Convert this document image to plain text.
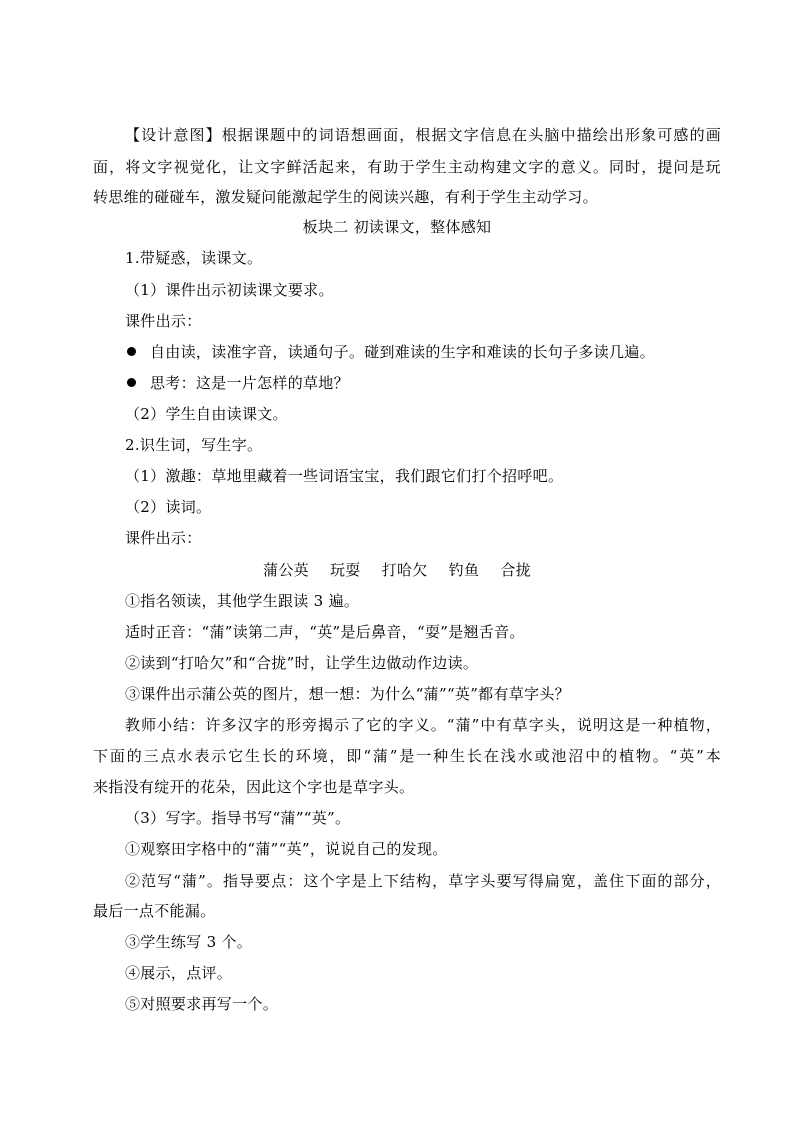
【设计意图】根据课题中的词语想画面，根据文字信息在头脑中描绘出形象可感的画
面，将文字视觉化，让文字鲜活起来，有助于学生主动构建文字的意义。同时，提问是玩
转思维的碰碰车，激发疑问能激起学生的阅读兴趣，有利于学生主动学习。
板块二 初读课文，整体感知
1.带疑惑，读课文。
（1）课件出示初读课文要求。
课件出示：
自由读，读准字音，读通句子。碰到难读的生字和难读的长句子多读几遍。
思考：这是一片怎样的草地？
（2）学生自由读课文。
2.识生词，写生字。
（1）激趣：草地里藏着一些词语宝宝，我们跟它们打个招呼吧。
（2）读词。
课件出示：
蒲公英 玩耍 打哈欠 钓鱼 合拢
①指名领读，其他学生跟读 3 遍。
适时正音：“蒲”读第二声，“英”是后鼻音，“耍”是翘舌音。
②读到“打哈欠”和“合拢”时，让学生边做动作边读。
③课件出示蒲公英的图片，想一想：为什么“蒲”“英”都有草字头？
教师小结：许多汉字的形旁揭示了它的字义。“蒲”中有草字头，说明这是一种植物，
下面的三点水表示它生长的环境，即“蒲”是一种生长在浅水或池沼中的植物。“英”本
来指没有绽开的花朵，因此这个字也是草字头。
（3）写字。指导书写“蒲”“英”。
①观察田字格中的“蒲”“英”，说说自己的发现。
②范写“蒲”。指导要点：这个字是上下结构，草字头要写得扁宽，盖住下面的部分，
最后一点不能漏。
③学生练写 3 个。
④展示，点评。
⑤对照要求再写一个。
